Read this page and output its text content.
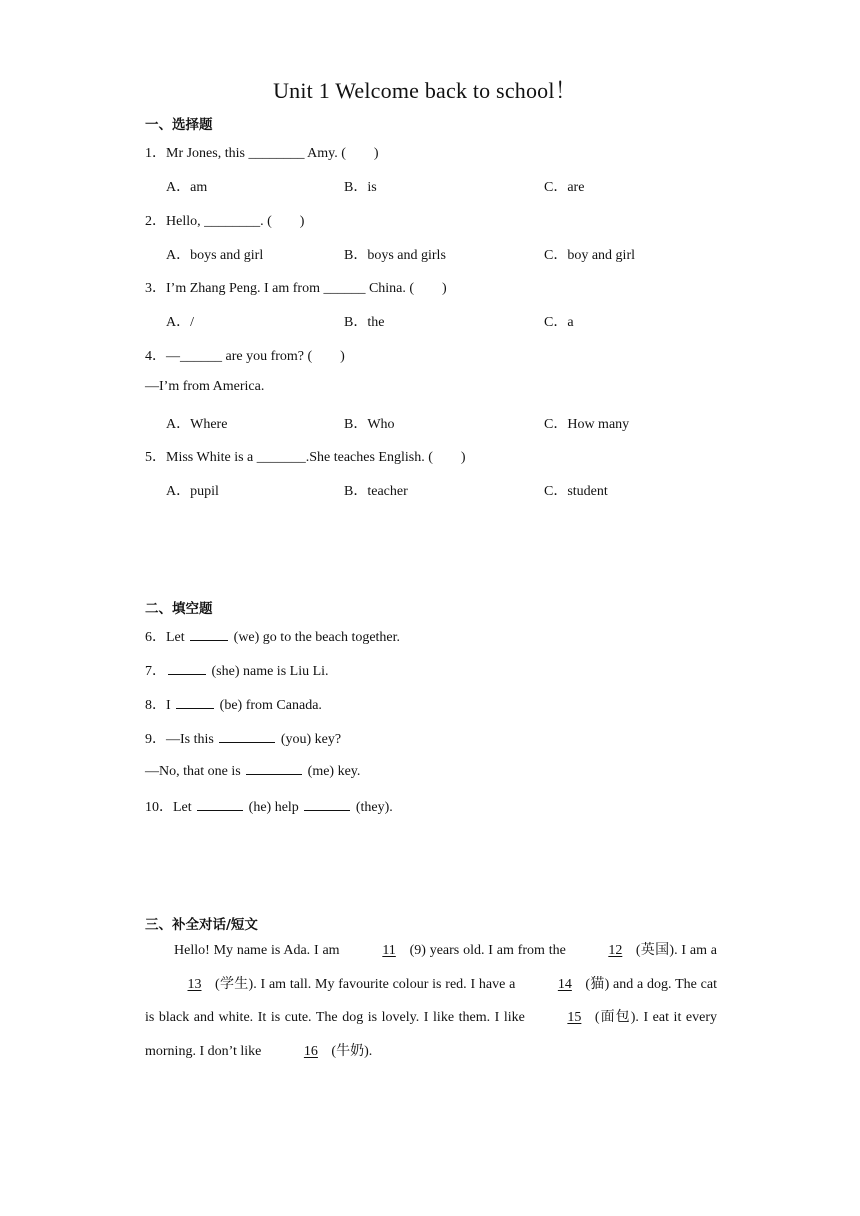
Unit 1 Welcome back to school！
一、选择题
1．Mr Jones, this ________ Amy. (　　)
A．am	B．is	C．are
2．Hello, ________. (　　)
A．boys and girl	B．boys and girls	C．boy and girl
3．I’m Zhang Peng. I am from ______ China. (　　)
A．/	B．the	C．a
4．—______ are you from? (　　)
—I’m from America.
A．Where	B．Who	C．How many
5．Miss White is a _______.She teaches English. (　　)
A．pupil	B．teacher	C．student
二、填空题
6．Let	(we) go to the beach together.
7．	(she) name is Liu Li.
8．I	(be) from Canada.
9．—Is this	(you) key?
—No, that one is	(me) key.
10．Let	(he) help	(they).
三、补全对话/短文
Hello! My name is Ada. I am	11 (9) years old. I am from the	12 (英国). I am a13 (学生). I am tall. My favourite colour is red. I have a	14 (猫) and a dog. The cat is black and white. It is cute. The dog is lovely. I like them. I like	15 (面包). I eat it every morning. I don’t like	16 (牛奶).
